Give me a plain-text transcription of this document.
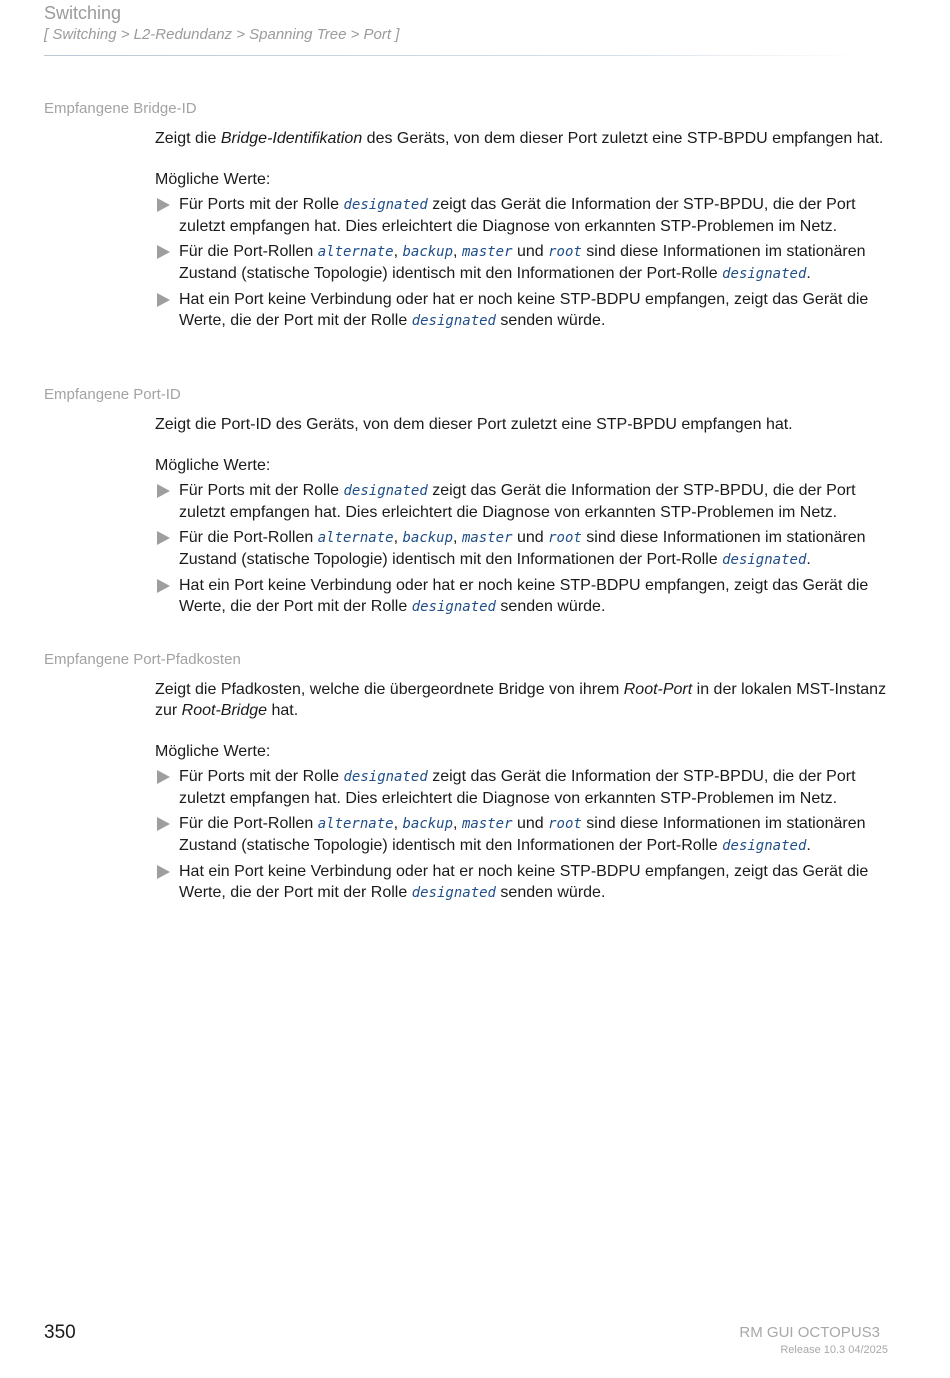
Switching
[ Switching > L2-Redundanz > Spanning Tree > Port ]
Empfangene Bridge-ID

Zeigt die Bridge-Identifikation des Geräts, von dem dieser Port zuletzt eine STP-BPDU empfangen hat.

Mögliche Werte:

Für Ports mit der Rolle designated zeigt das Gerät die Information der STP-BPDU, die der Port zuletzt empfangen hat. Dies erleichtert die Diagnose von erkannten STP-Problemen im Netz.
Für die Port-Rollen alternate, backup, master und root sind diese Informationen im stationären Zustand (statische Topologie) identisch mit den Informationen der Port-Rolle designated.
Hat ein Port keine Verbindung oder hat er noch keine STP-BDPU empfangen, zeigt das Gerät die Werte, die der Port mit der Rolle designated senden würde.
Empfangene Port-ID

Zeigt die Port-ID des Geräts, von dem dieser Port zuletzt eine STP-BPDU empfangen hat.

Mögliche Werte:

Für Ports mit der Rolle designated zeigt das Gerät die Information der STP-BPDU, die der Port zuletzt empfangen hat. Dies erleichtert die Diagnose von erkannten STP-Problemen im Netz.
Für die Port-Rollen alternate, backup, master und root sind diese Informationen im stationären Zustand (statische Topologie) identisch mit den Informationen der Port-Rolle designated.
Hat ein Port keine Verbindung oder hat er noch keine STP-BDPU empfangen, zeigt das Gerät die Werte, die der Port mit der Rolle designated senden würde.
Empfangene Port-Pfadkosten

Zeigt die Pfadkosten, welche die übergeordnete Bridge von ihrem Root-Port in der lokalen MST-Instanz zur Root-Bridge hat.

Mögliche Werte:

Für Ports mit der Rolle designated zeigt das Gerät die Information der STP-BPDU, die der Port zuletzt empfangen hat. Dies erleichtert die Diagnose von erkannten STP-Problemen im Netz.
Für die Port-Rollen alternate, backup, master und root sind diese Informationen im stationären Zustand (statische Topologie) identisch mit den Informationen der Port-Rolle designated.
Hat ein Port keine Verbindung oder hat er noch keine STP-BDPU empfangen, zeigt das Gerät die Werte, die der Port mit der Rolle designated senden würde.
350	RM GUI OCTOPUS3
Release 10.3 04/2025
